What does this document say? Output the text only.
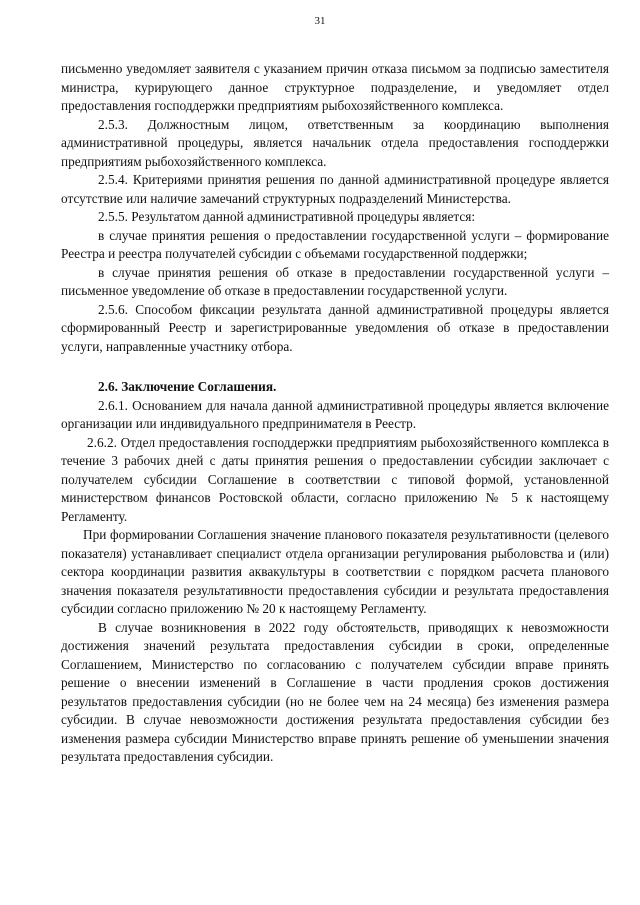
31

письменно уведомляет заявителя с указанием причин отказа письмом за подписью заместителя министра, курирующего данное структурное подразделение, и уведомляет отдел предоставления господдержки предприятиям рыбохозяйственного комплекса.

2.5.3. Должностным лицом, ответственным за координацию выполнения административной процедуры, является начальник отдела предоставления господдержки предприятиям рыбохозяйственного комплекса.

2.5.4. Критериями принятия решения по данной административной процедуре является отсутствие или наличие замечаний структурных подразделений Министерства.

2.5.5. Результатом данной административной процедуры является:

в случае принятия решения о предоставлении государственной услуги – формирование Реестра и реестра получателей субсидии с объемами государственной поддержки;

в случае принятия решения об отказе в предоставлении государственной услуги – письменное уведомление об отказе в предоставлении государственной услуги.

2.5.6. Способом фиксации результата данной административной процедуры является сформированный Реестр и зарегистрированные уведомления об отказе в предоставлении услуги, направленные участнику отбора.

2.6. Заключение Соглашения.

2.6.1. Основанием для начала данной административной процедуры является включение организации или индивидуального предпринимателя в Реестр.

2.6.2. Отдел предоставления господдержки предприятиям рыбохозяйственного комплекса в течение 3 рабочих дней с даты принятия решения о предоставлении субсидии заключает с получателем субсидии Соглашение в соответствии с типовой формой, установленной министерством финансов Ростовской области, согласно приложению № 5 к настоящему Регламенту.

При формировании Соглашения значение планового показателя результативности (целевого показателя) устанавливает специалист отдела организации регулирования рыболовства и (или) сектора координации развития аквакультуры в соответствии с порядком расчета планового значения показателя результативности предоставления субсидии и результата предоставления субсидии согласно приложению № 20 к настоящему Регламенту.

В случае возникновения в 2022 году обстоятельств, приводящих к невозможности достижения значений результата предоставления субсидии в сроки, определенные Соглашением, Министерство по согласованию с получателем субсидии вправе принять решение о внесении изменений в Соглашение в части продления сроков достижения результатов предоставления субсидии (но не более чем на 24 месяца) без изменения размера субсидии. В случае невозможности достижения результата предоставления субсидии без изменения размера субсидии Министерство вправе принять решение об уменьшении значения результата предоставления субсидии.
